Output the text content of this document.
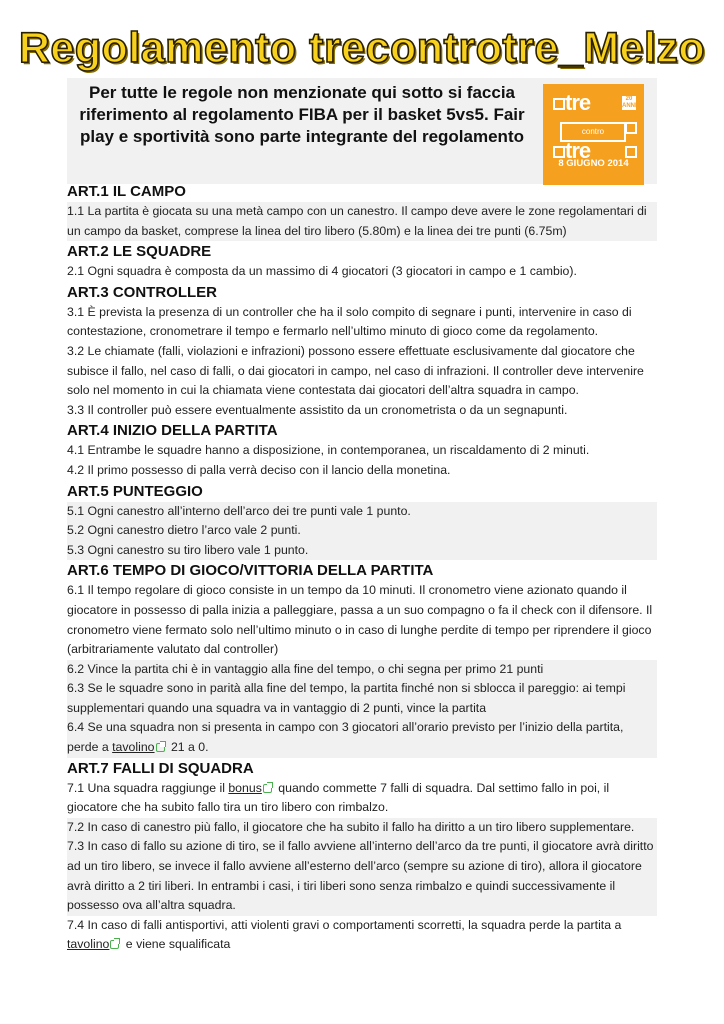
Regolamento trecontrotre_Melzo
Per tutte le regole non menzionate qui sotto si faccia riferimento al regolamento FIBA per il basket 5vs5. Fair play e sportività sono parte integrante del regolamento
tre	20 ANNI
contro
tre
8 GIUGNO 2014
ART.1 IL CAMPO
1.1 La partita è giocata su una metà campo con un canestro. Il campo deve avere le zone regolamentari di un campo da basket, comprese la linea del tiro libero (5.80m) e la linea dei tre punti (6.75m)
ART.2 LE SQUADRE
2.1 Ogni squadra è composta da un massimo di 4 giocatori (3 giocatori in campo e 1 cambio).
ART.3 CONTROLLER
3.1 È prevista la presenza di un controller che ha il solo compito di segnare i punti, intervenire in caso di contestazione, cronometrare il tempo e fermarlo nell’ultimo minuto di gioco come da regolamento.
3.2 Le chiamate (falli, violazioni e infrazioni) possono essere effettuate esclusivamente dal giocatore che subisce il fallo, nel caso di falli, o dai giocatori in campo, nel caso di infrazioni. Il controller deve intervenire solo nel momento in cui la chiamata viene contestata dai giocatori dell’altra squadra in campo.
3.3 Il controller può essere eventualmente assistito da un cronometrista o da un segnapunti.
ART.4 INIZIO DELLA PARTITA
4.1 Entrambe le squadre hanno a disposizione, in contemporanea, un riscaldamento di 2 minuti.
4.2 Il primo possesso di palla verrà deciso con il lancio della monetina.
ART.5 PUNTEGGIO
5.1 Ogni canestro all’interno dell’arco dei tre punti vale 1 punto.
5.2 Ogni canestro dietro l’arco vale 2 punti.
5.3 Ogni canestro su tiro libero vale 1 punto.
ART.6 TEMPO DI GIOCO/VITTORIA DELLA PARTITA
6.1 Il tempo regolare di gioco consiste in un tempo da 10 minuti. Il cronometro viene azionato quando il giocatore in possesso di palla inizia a palleggiare, passa a un suo compagno o fa il check con il difensore. Il cronometro viene fermato solo nell’ultimo minuto o in caso di lunghe perdite di tempo per riprendere il gioco (arbitrariamente valutato dal controller)
6.2 Vince la partita chi è in vantaggio alla fine del tempo, o chi segna per primo 21 punti
6.3 Se le squadre sono in parità alla fine del tempo, la partita finché non si sblocca il pareggio: ai tempi supplementari quando una squadra va in vantaggio di 2 punti, vince la partita
6.4 Se una squadra non si presenta in campo con 3 giocatori all’orario previsto per l’inizio della partita, perde a tavolino 21 a 0.
ART.7 FALLI DI SQUADRA
7.1 Una squadra raggiunge il bonus quando commette 7 falli di squadra. Dal settimo fallo in poi, il giocatore che ha subito fallo tira un tiro libero con rimbalzo.
7.2 In caso di canestro più fallo, il giocatore che ha subito il fallo ha diritto a un tiro libero supplementare.
7.3 In caso di fallo su azione di tiro, se il fallo avviene all’interno dell’arco da tre punti, il giocatore avrà diritto ad un tiro libero, se invece il fallo avviene all’esterno dell’arco (sempre su azione di tiro), allora il giocatore avrà diritto a 2 tiri liberi. In entrambi i casi, i tiri liberi sono senza rimbalzo e quindi successivamente il possesso ova all’altra squadra.
7.4 In caso di falli antisportivi, atti violenti gravi o comportamenti scorretti, la squadra perde la partita a tavolino e viene squalificata
